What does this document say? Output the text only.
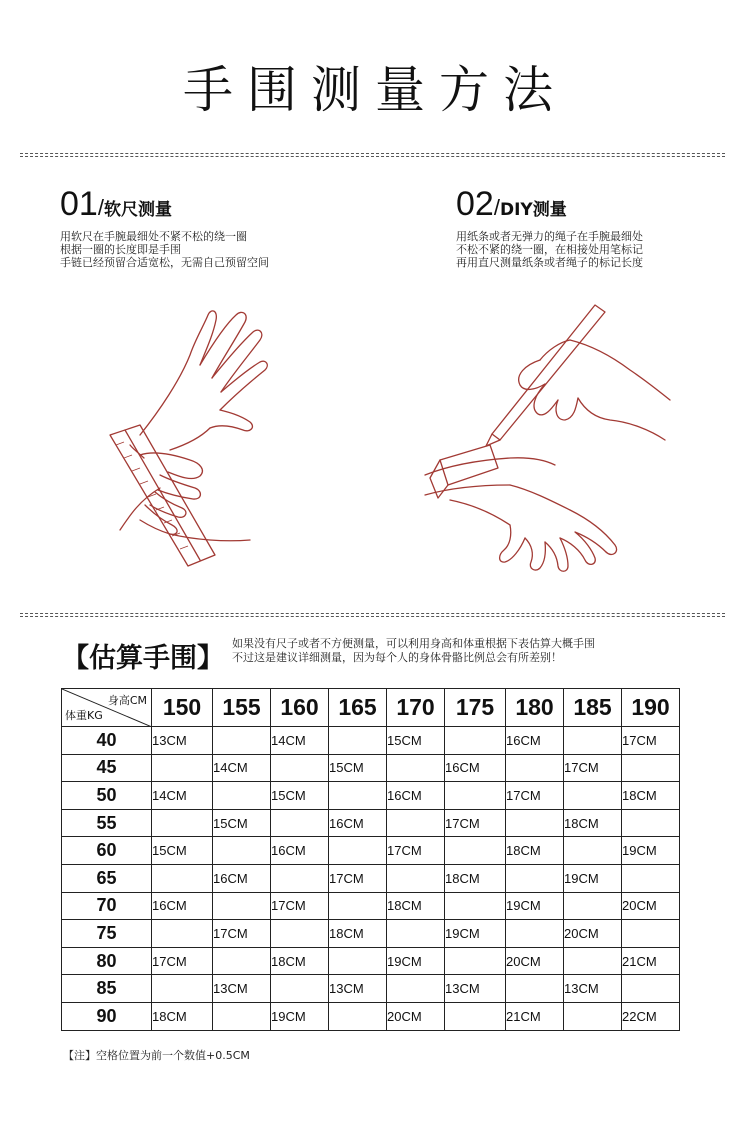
手围测量方法
01/软尺测量
用软尺在手腕最细处不紧不松的绕一圈
根据一圈的长度即是手围
手链已经预留合适宽松，无需自己预留空间
02/DIY测量
用纸条或者无弹力的绳子在手腕最细处
不松不紧的绕一圈，在相接处用笔标记
再用直尺测量纸条或者绳子的标记长度
【估算手围】 如果没有尺子或者不方便测量，可以利用身高和体重根据下表估算大概手围
不过这是建议详细测量，因为每个人的身体骨骼比例总会有所差别！
身高CM
体重KG	150	155	160	165	170	175	180	185	190
40	13CM		14CM		15CM		16CM		17CM
45		14CM		15CM		16CM		17CM	
50	14CM		15CM		16CM		17CM		18CM
55		15CM		16CM		17CM		18CM	
60	15CM		16CM		17CM		18CM		19CM
65		16CM		17CM		18CM		19CM	
70	16CM		17CM		18CM		19CM		20CM
75		17CM		18CM		19CM		20CM	
80	17CM		18CM		19CM		20CM		21CM
85		13CM		13CM		13CM		13CM	
90	18CM		19CM		20CM		21CM		22CM
【注】空格位置为前一个数值+0.5CM
